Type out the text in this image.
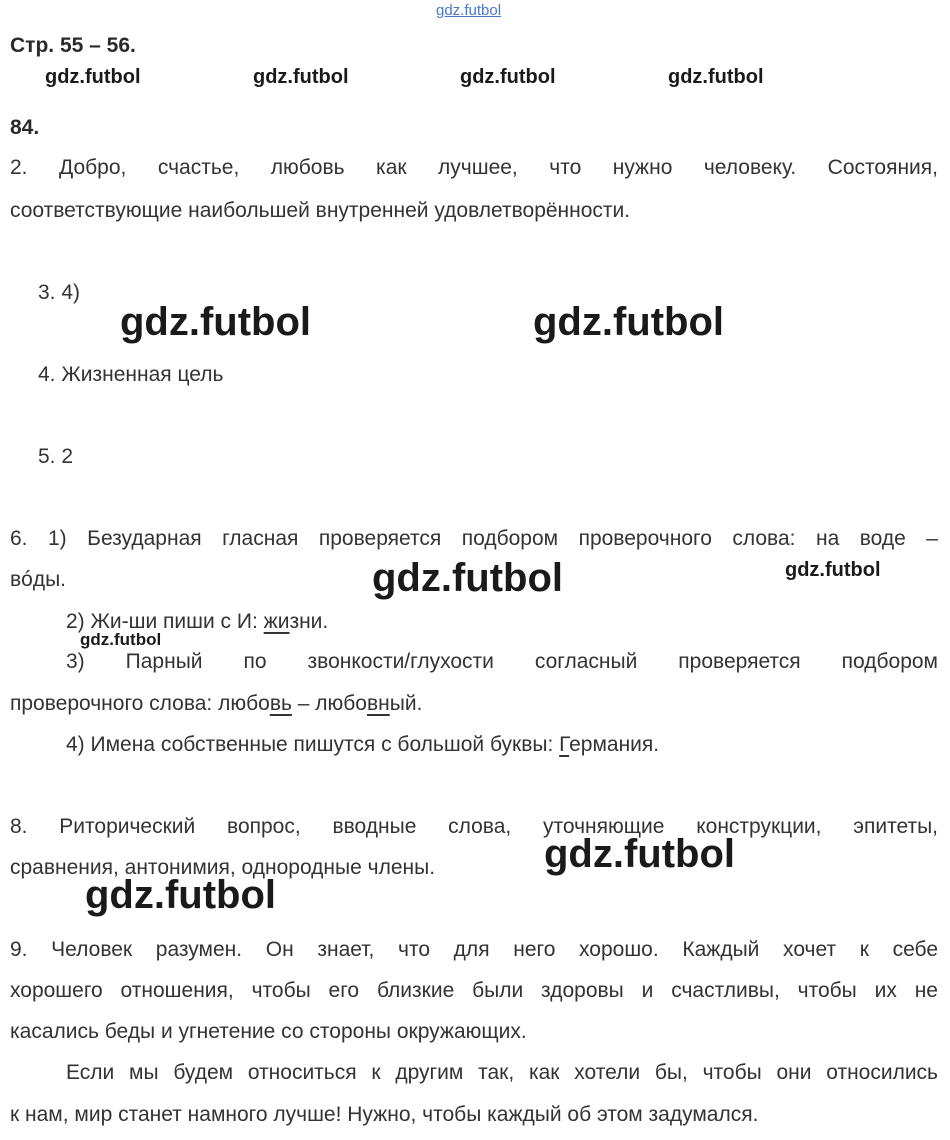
gdz.futbol
gdz.futbol	gdz.futbol	gdz.futbol	gdz.futbol
Стр. 55 – 56.
84.
2. Добро, счастье, любовь как лучшее, что нужно человеку. Состояния,
соответствующие наибольшей внутренней удовлетворённости.
3. 4)
gdz.futbol	gdz.futbol
4. Жизненная цель
5. 2
6. 1) Безударная гласная проверяется подбором проверочного слова: на воде –
вóды.	gdz.futbol	gdz.futbol
2) Жи-ши пиши с И: жизни.
gdz.futbol
3) Парный по звонкости/глухости согласный проверяется подбором
проверочного слова: любовь – любовный.
4) Имена собственные пишутся с большой буквы: Германия.
8. Риторический вопрос, вводные слова, уточняющие конструкции, эпитеты,
сравнения, антонимия, однородные члены.	gdz.futbol
gdz.futbol
9. Человек разумен. Он знает, что для него хорошо. Каждый хочет к себе
хорошего отношения, чтобы его близкие были здоровы и счастливы, чтобы их не
касались беды и угнетение со стороны окружающих.
Если мы будем относиться к другим так, как хотели бы, чтобы они относились
к нам, мир станет намного лучше! Нужно, чтобы каждый об этом задумался.
